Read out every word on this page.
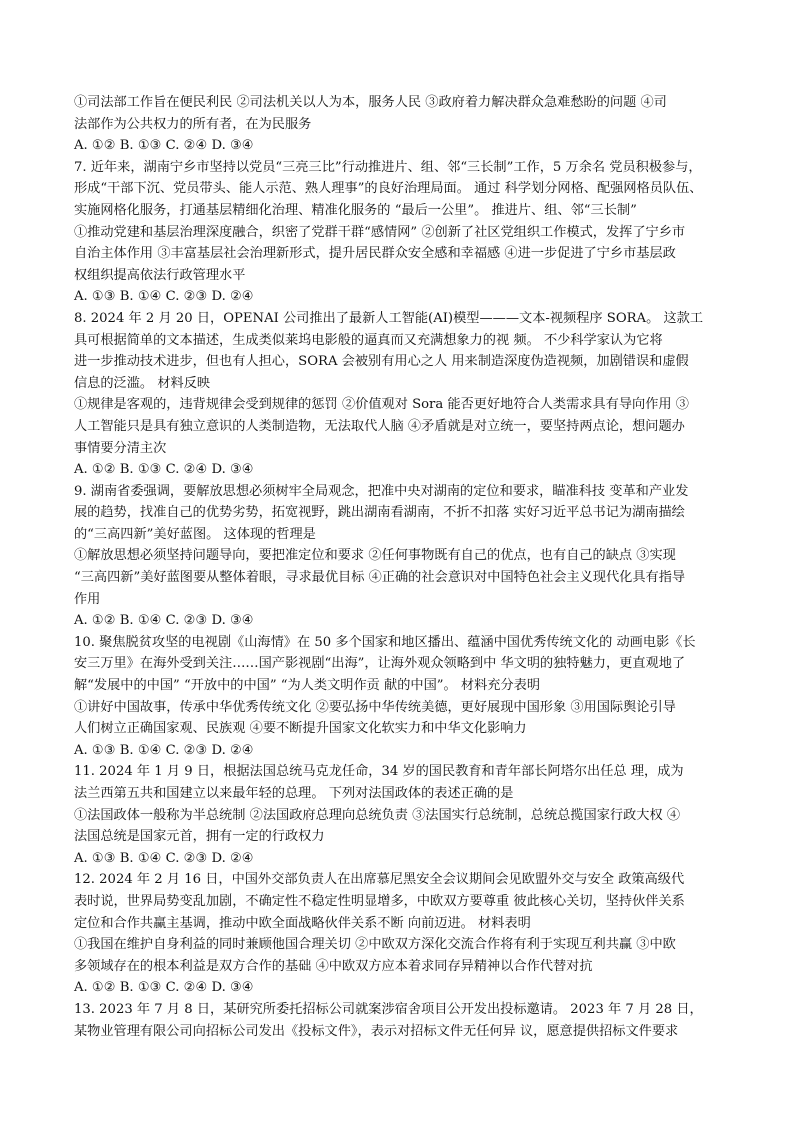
①司法部工作旨在便民利民 ②司法机关以人为本，服务人民 ③政府着力解决群众急难愁盼的问题 ④司
法部作为公共权力的所有者，在为民服务
A. ①② B. ①③ C. ②④ D. ③④
7. 近年来，湖南宁乡市坚持以党员“三亮三比”行动推进片、组、邻“三长制”工作，5 万余名 党员积极参与，
形成“干部下沉、党员带头、能人示范、熟人理事”的良好治理局面。 通过 科学划分网格、配强网格员队伍、
实施网格化服务，打通基层精细化治理、精准化服务的 “最后一公里”。 推进片、组、邻“三长制”
①推动党建和基层治理深度融合，织密了党群干群“感情网” ②创新了社区党组织工作模式，发挥了宁乡市
自治主体作用 ③丰富基层社会治理新形式，提升居民群众安全感和幸福感 ④进一步促进了宁乡市基层政
权组织提高依法行政管理水平
A. ①③ B. ①④ C. ②③ D. ②④
8. 2024 年 2 月 20 日，OPENAI 公司推出了最新人工智能(AI)模型———文本-视频程序 SORA。 这款工
具可根据简单的文本描述，生成类似莱坞电影般的逼真而又充满想象力的视 频。 不少科学家认为它将
进一步推动技术进步，但也有人担心，SORA 会被别有用心之人 用来制造深度伪造视频，加剧错误和虚假
信息的泛滥。 材料反映
①规律是客观的，违背规律会受到规律的惩罚 ②价值观对 Sora 能否更好地符合人类需求具有导向作用 ③
人工智能只是具有独立意识的人类制造物，无法取代人脑 ④矛盾就是对立统一，要坚持两点论，想问题办
事情要分清主次
A. ①② B. ①③ C. ②④ D. ③④
9. 湖南省委强调，要解放思想必须树牢全局观念，把准中央对湖南的定位和要求，瞄准科技 变革和产业发
展的趋势，找准自己的优势劣势，拓宽视野，跳出湖南看湖南，不折不扣落 实好习近平总书记为湖南描绘
的“三高四新”美好蓝图。 这体现的哲理是
①解放思想必须坚持问题导向，要把准定位和要求 ②任何事物既有自己的优点，也有自己的缺点 ③实现
“三高四新”美好蓝图要从整体着眼，寻求最优目标 ④正确的社会意识对中国特色社会主义现代化具有指导
作用
A. ①② B. ①④ C. ②③ D. ③④
10. 聚焦脱贫攻坚的电视剧《山海情》在 50 多个国家和地区播出、蕴涵中国优秀传统文化的 动画电影《长
安三万里》在海外受到关注……国产影视剧“出海”，让海外观众领略到中 华文明的独特魅力，更直观地了
解“发展中的中国” “开放中的中国” “为人类文明作贡 献的中国”。 材料充分表明
①讲好中国故事，传承中华优秀传统文化 ②要弘扬中华传统美德，更好展现中国形象 ③用国际舆论引导
人们树立正确国家观、民族观 ④要不断提升国家文化软实力和中华文化影响力
A. ①③ B. ①④ C. ②③ D. ②④
11. 2024 年 1 月 9 日，根据法国总统马克龙任命，34 岁的国民教育和青年部长阿塔尔出任总 理，成为
法兰西第五共和国建立以来最年轻的总理。 下列对法国政体的表述正确的是
①法国政体一般称为半总统制 ②法国政府总理向总统负责 ③法国实行总统制，总统总揽国家行政大权 ④
法国总统是国家元首，拥有一定的行政权力
A. ①③ B. ①④ C. ②③ D. ②④
12. 2024 年 2 月 16 日，中国外交部负责人在出席慕尼黑安全会议期间会见欧盟外交与安全 政策高级代
表时说，世界局势变乱加剧，不确定性不稳定性明显增多，中欧双方要尊重 彼此核心关切，坚持伙伴关系
定位和合作共赢主基调，推动中欧全面战略伙伴关系不断 向前迈进。 材料表明
①我国在维护自身利益的同时兼顾他国合理关切 ②中欧双方深化交流合作将有利于实现互利共赢 ③中欧
多领域存在的根本利益是双方合作的基础 ④中欧双方应本着求同存异精神以合作代替对抗
A. ①② B. ①③ C. ②④ D. ③④
13. 2023 年 7 月 8 日，某研究所委托招标公司就案涉宿舍项目公开发出投标邀请。 2023 年 7 月 28 日，
某物业管理有限公司向招标公司发出《投标文件》，表示对招标文件无任何异 议，愿意提供招标文件要求
